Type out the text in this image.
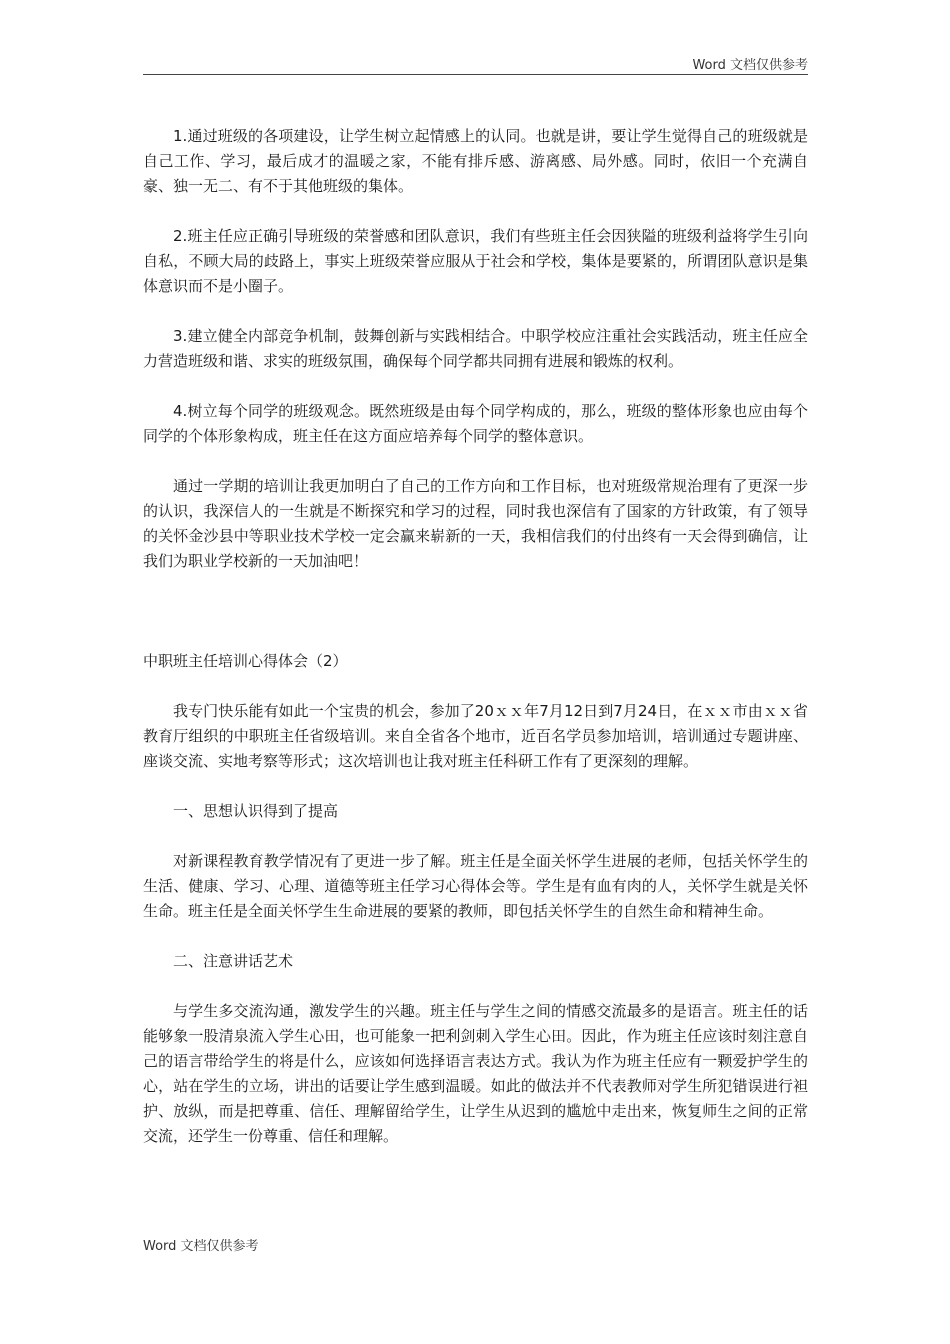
Word 文档仅供参考

1.通过班级的各项建设，让学生树立起情感上的认同。也就是讲，要让学生觉得自己的班级就是自己工作、学习，最后成才的温暖之家，不能有排斥感、游离感、局外感。同时，依旧一个充满自豪、独一无二、有不于其他班级的集体。

2.班主任应正确引导班级的荣誉感和团队意识，我们有些班主任会因狭隘的班级利益将学生引向自私，不顾大局的歧路上，事实上班级荣誉应服从于社会和学校，集体是要紧的，所谓团队意识是集体意识而不是小圈子。

3.建立健全内部竞争机制，鼓舞创新与实践相结合。中职学校应注重社会实践活动，班主任应全力营造班级和谐、求实的班级氛围，确保每个同学都共同拥有进展和锻炼的权利。

4.树立每个同学的班级观念。既然班级是由每个同学构成的，那么，班级的整体形象也应由每个同学的个体形象构成，班主任在这方面应培养每个同学的整体意识。

通过一学期的培训让我更加明白了自己的工作方向和工作目标，也对班级常规治理有了更深一步的认识，我深信人的一生就是不断探究和学习的过程，同时我也深信有了国家的方针政策，有了领导的关怀金沙县中等职业技术学校一定会赢来崭新的一天，我相信我们的付出终有一天会得到确信，让我们为职业学校新的一天加油吧！

中职班主任培训心得体会（2）

我专门快乐能有如此一个宝贵的机会，参加了20ｘｘ年7月12日到7月24日，在ｘｘ市由ｘｘ省教育厅组织的中职班主任省级培训。来自全省各个地市，近百名学员参加培训，培训通过专题讲座、座谈交流、实地考察等形式；这次培训也让我对班主任科研工作有了更深刻的理解。

一、思想认识得到了提高

对新课程教育教学情况有了更进一步了解。班主任是全面关怀学生进展的老师，包括关怀学生的生活、健康、学习、心理、道德等班主任学习心得体会等。学生是有血有肉的人，关怀学生就是关怀生命。班主任是全面关怀学生生命进展的要紧的教师，即包括关怀学生的自然生命和精神生命。

二、注意讲话艺术

与学生多交流沟通，激发学生的兴趣。班主任与学生之间的情感交流最多的是语言。班主任的话能够象一股清泉流入学生心田，也可能象一把利剑刺入学生心田。因此，作为班主任应该时刻注意自己的语言带给学生的将是什么，应该如何选择语言表达方式。我认为作为班主任应有一颗爱护学生的心，站在学生的立场，讲出的话要让学生感到温暖。如此的做法并不代表教师对学生所犯错误进行袒护、放纵，而是把尊重、信任、理解留给学生，让学生从迟到的尴尬中走出来，恢复师生之间的正常交流，还学生一份尊重、信任和理解。

Word 文档仅供参考
